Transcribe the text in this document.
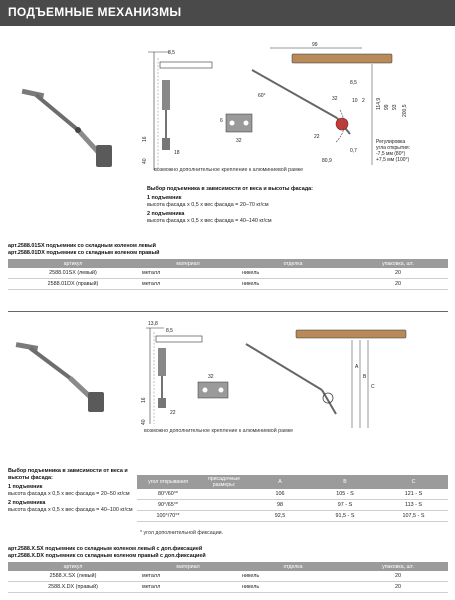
ПОДЪЕМНЫЕ МЕХАНИЗМЫ
8,5
16
40
18
6
32
99
60°	32
8,5
114,9 99 93 200,5
22
80,9
0,7
10 2
Регулировка
угла открытия:
-7,5 мм (80°)
+7,5 мм (100°)
возможно дополнительное крепление к алюминиевой рамке
Выбор подъемника в зависимости от веса и высоты фасада:
1 подъемник
высота фасада х 0,5 х вес фасада = 20–70 кг/см
2 подъемника
высота фасада х 0,5 х вес фасада = 40–140 кг/см
арт.2588.01SX подъемник со складным коленом левый
арт.2588.01DX подъемник со складным коленом правый
артикул	материал	отделка	упаковка, шт.
2588.01SX (левый)	металл	никель	20
2588.01DX (правый)	металл	никель	20
13,8
8,5
16
22
40
32
A
B
C
возможно дополнительное крепление к алюминиевой рамке
Выбор подъемника в зависимости от веса и высоты фасада:
1 подъемник
высота фасада х 0,5 х вес фасада = 20–50 кг/см
2 подъемника
высота фасада х 0,5 х вес фасада = 40–100 кг/см
угол открывания	присадочные размеры:	A	B	C
80°/60°*		106	105 - S	121 - S
90°/65°*		98	97 - S	113 - S
100°/70°*		92,5	91,5 - S	107,5 - S
* угол дополнительной фиксации.
арт.2588.X.SX подъемник со складным коленом левый с доп.фиксацией
арт.2588.X.DX подъемник со складным коленом правый с доп.фиксацией
артикул	материал	отделка	упаковка, шт.
2588.X.SX (левый)	металл	никель	20
2588.X.DX (правый)	металл	никель	20
